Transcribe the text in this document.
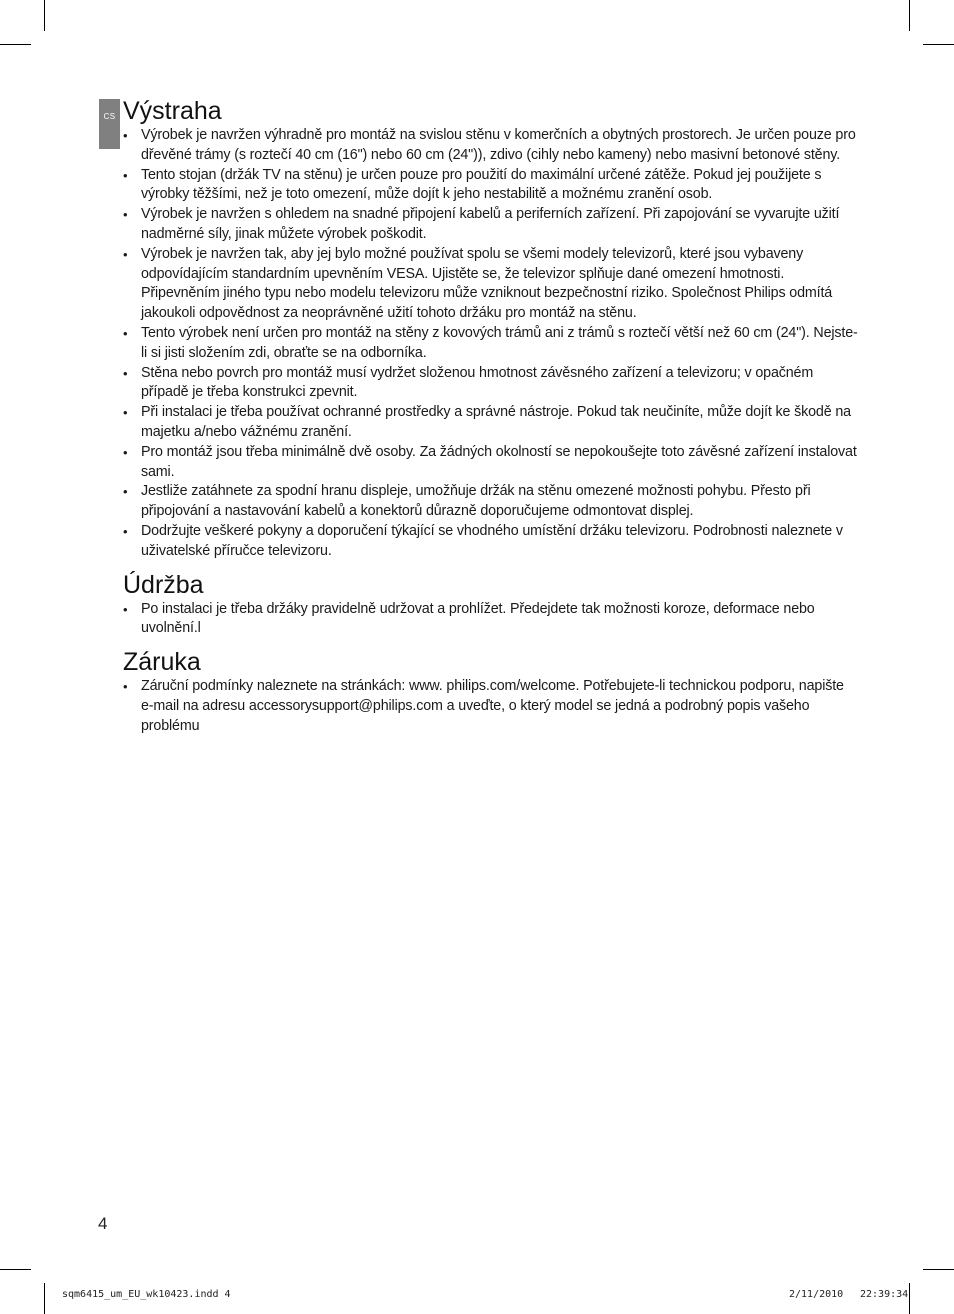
CS Výstraha
• Výrobek je navržen výhradně pro montáž na svislou stěnu v komerčních a obytných prostorech. Je určen pouze pro dřevěné trámy (s roztečí 40 cm (16") nebo 60 cm (24")), zdivo (cihly nebo kameny) nebo masivní betonové stěny.
• Tento stojan (držák TV na stěnu) je určen pouze pro použití do maximální určené zátěže. Pokud jej použijete s výrobky těžšími, než je toto omezení, může dojít k jeho nestabilitě a možnému zranění osob.
• Výrobek je navržen s ohledem na snadné připojení kabelů a periferních zařízení. Při zapojování se vyvarujte užití nadměrné síly, jinak můžete výrobek poškodit.
• Výrobek je navržen tak, aby jej bylo možné používat spolu se všemi modely televizorů, které jsou vybaveny odpovídajícím standardním upevněním VESA. Ujistěte se, že televizor splňuje dané omezení hmotnosti. Připevněním jiného typu nebo modelu televizoru může vzniknout bezpečnostní riziko. Společnost Philips odmítá jakoukoli odpovědnost za neoprávněné užití tohoto držáku pro montáž na stěnu.
• Tento výrobek není určen pro montáž na stěny z kovových trámů ani z trámů s roztečí větší než 60 cm (24"). Nejste-li si jisti složením zdi, obraťte se na odborníka.
• Stěna nebo povrch pro montáž musí vydržet složenou hmotnost závěsného zařízení a televizoru; v opačném případě je třeba konstrukci zpevnit.
• Při instalaci je třeba používat ochranné prostředky a správné nástroje. Pokud tak neučiníte, může dojít ke škodě na majetku a/nebo vážnému zranění.
• Pro montáž jsou třeba minimálně dvě osoby. Za žádných okolností se nepokoušejte toto závěsné zařízení instalovat sami.
• Jestliže zatáhnete za spodní hranu displeje, umožňuje držák na stěnu omezené možnosti pohybu. Přesto při připojování a nastavování kabelů a konektorů důrazně doporučujeme odmontovat displej.
• Dodržujte veškeré pokyny a doporučení týkající se vhodného umístění držáku televizoru. Podrobnosti naleznete v uživatelské příručce televizoru.
Údržba
• Po instalaci je třeba držáky pravidelně udržovat a prohlížet. Předejdete tak možnosti koroze, deformace nebo uvolnění.l
Záruka
• Záruční podmínky naleznete na stránkách: www. philips.com/welcome. Potřebujete-li technickou podporu, napište e-mail na adresu accessorysupport@philips.com a uveďte, o který model se jedná a podrobný popis vašeho problému
4
sqm6415_um_EU_wk10423.indd 4	2/11/2010 22:39:34
